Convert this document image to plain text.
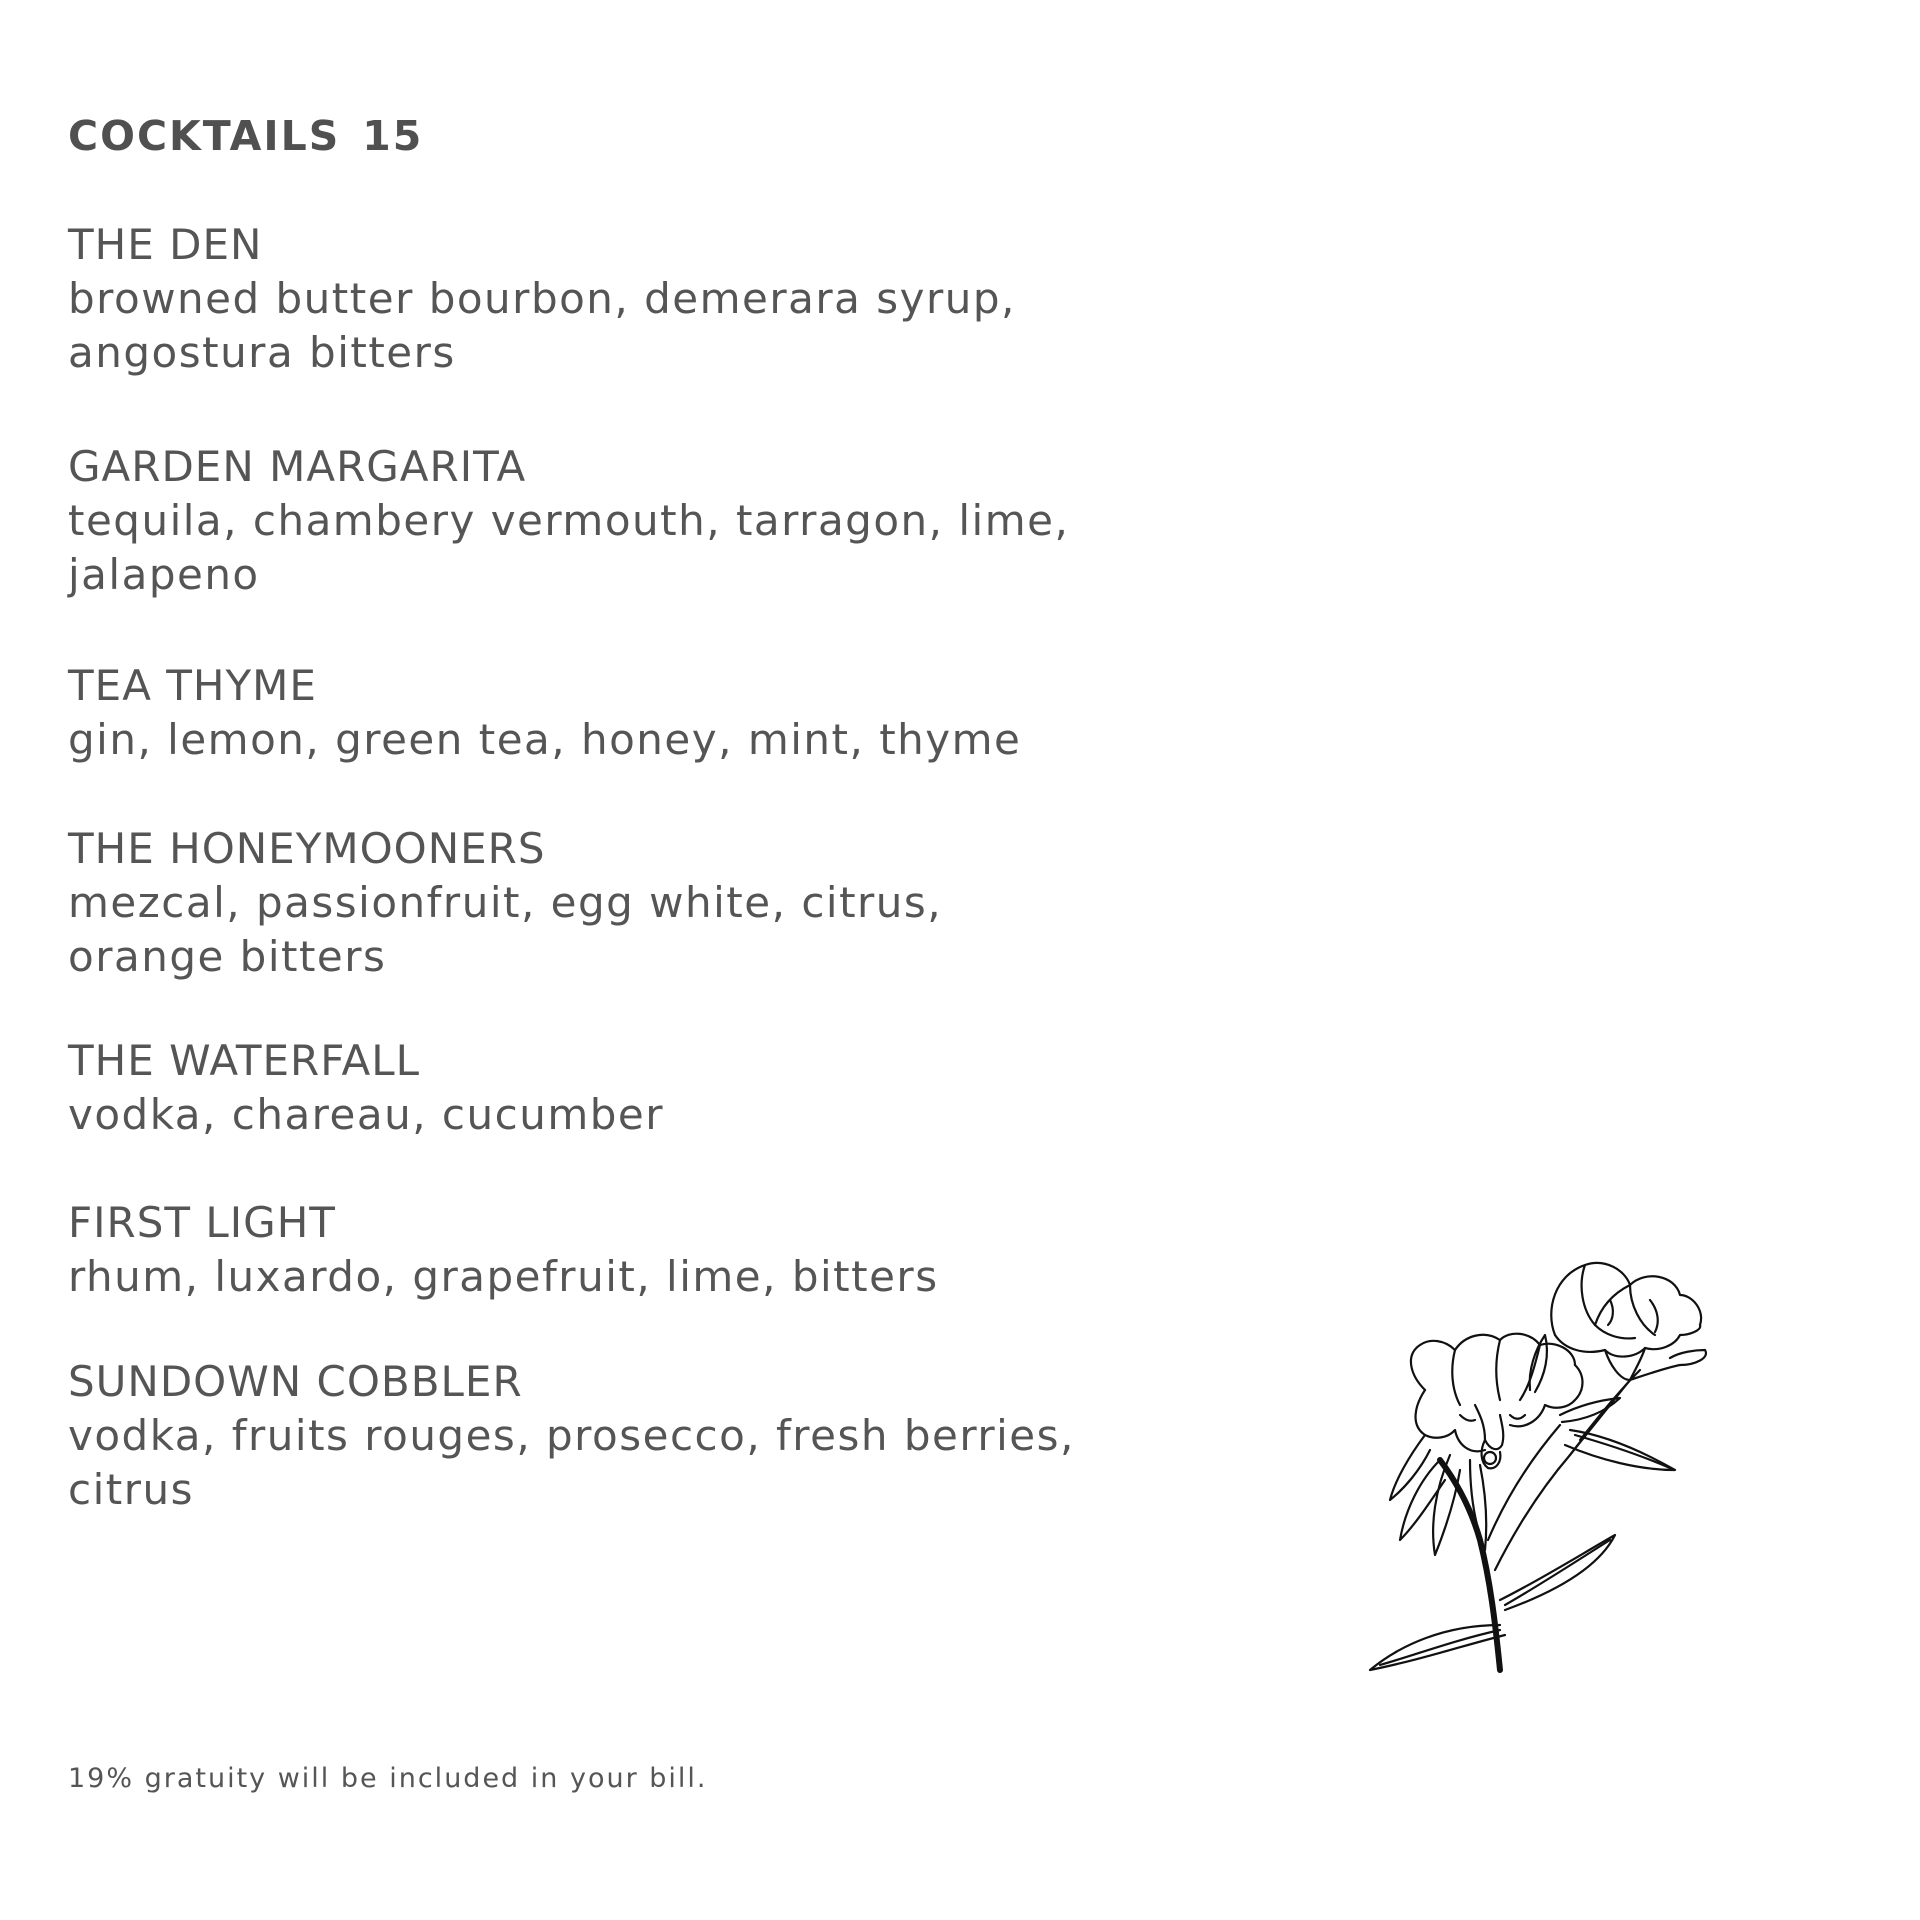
COCKTAILS 15
THE DEN
browned butter bourbon, demerara syrup,
angostura bitters
GARDEN MARGARITA
tequila, chambery vermouth, tarragon, lime,
jalapeno
TEA THYME
gin, lemon, green tea, honey, mint, thyme
THE HONEYMOONERS
mezcal, passionfruit, egg white, citrus,
orange bitters
THE WATERFALL
vodka, chareau, cucumber
FIRST LIGHT
rhum, luxardo, grapefruit, lime, bitters
SUNDOWN COBBLER
vodka, fruits rouges, prosecco, fresh berries,
citrus
19% gratuity will be included in your bill.
